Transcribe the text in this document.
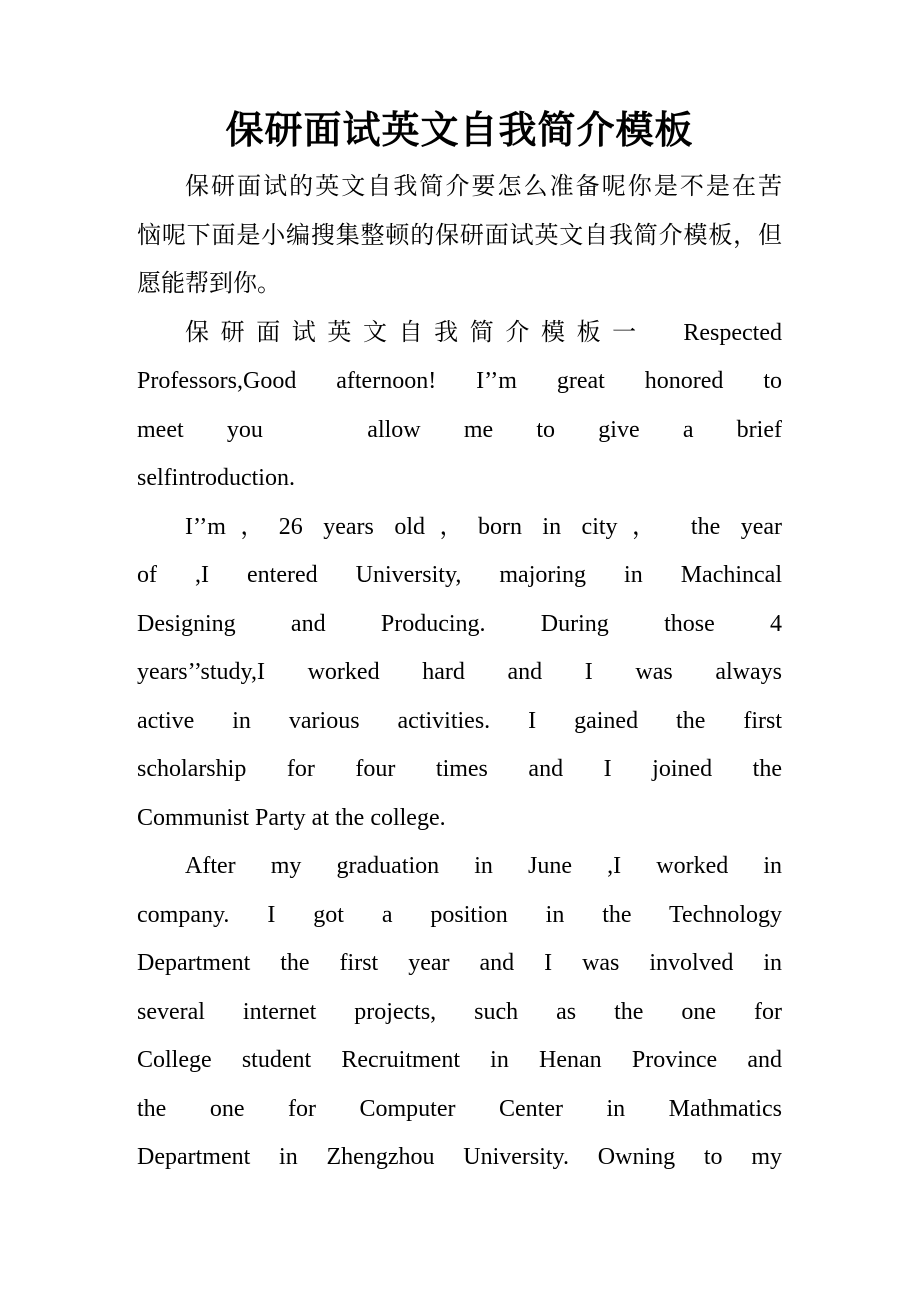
保研面试英文自我简介模板
保研面试的英文自我简介要怎么准备呢你是不是在苦
恼呢下面是小编搜集整顿的保研面试英文自我简介模板，但
愿能帮到你。
保研面试英文自我简介模板一　Respected
Professors,Good afternoon! I’’m great honored to
meet you 　allow me to give a brief
selfintroduction.
I’’m，26 years old，born in city， the year
of ,I entered University, majoring in Machincal
Designing and Producing. During those 4
years’’study,I worked hard and I was always
active in various activities. I gained the first
scholarship for four times and I joined the
Communist Party at the college.
After my graduation in June ,I worked in
company. I got a position in the Technology
Department the first year and I was involved in
several internet projects, such as the one for
College student Recruitment in Henan Province and
the one for Computer Center in Mathmatics
Department in Zhengzhou University. Owning to my
